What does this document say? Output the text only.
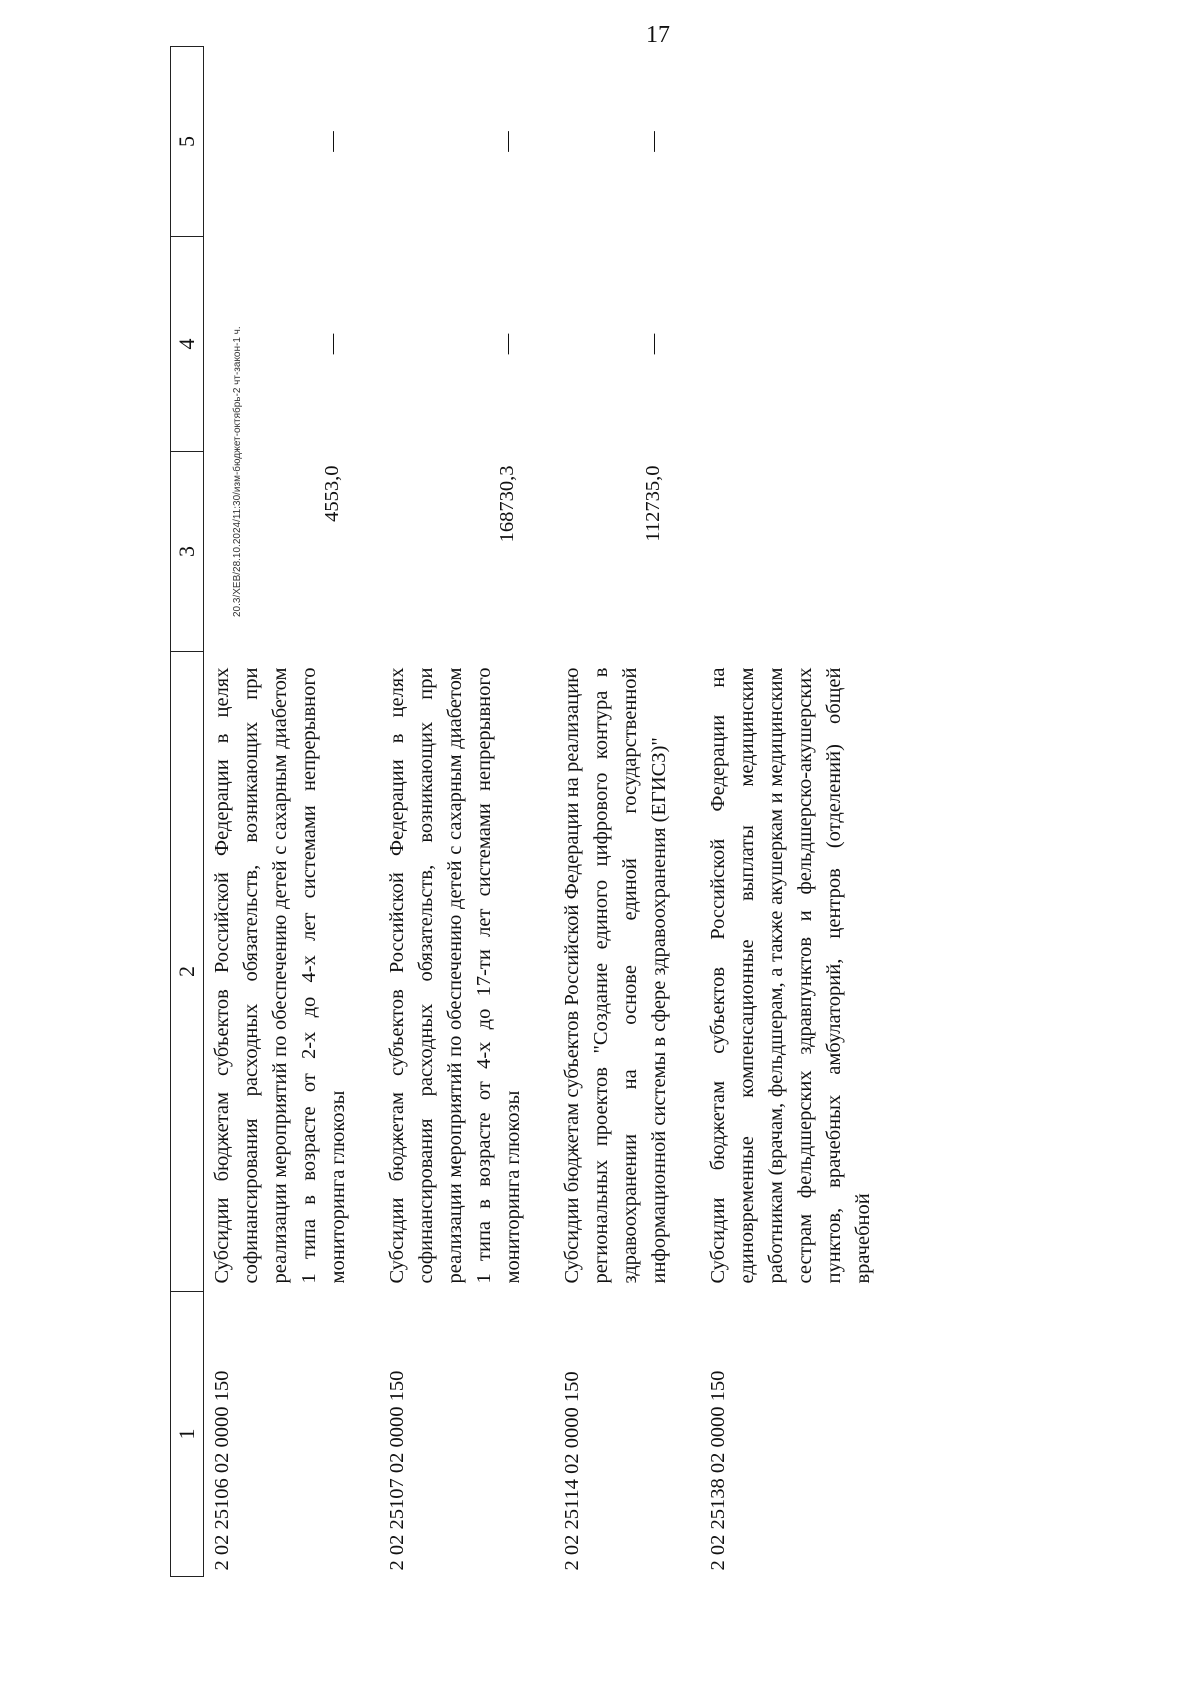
17
1	2	3	4	5
2 02 25106 02 0000 150	Субсидии бюджетам субъектов Российской Федерации в целях софинансирования расходных обязательств, возникающих при реализации мероприятий по обеспечению детей с сахарным диабетом 1 типа в возрасте от 2-х до 4-х лет системами непрерывного мониторинга глюкозы	4553,0	—	—
2 02 25107 02 0000 150	Субсидии бюджетам субъектов Российской Федерации в целях софинансирования расходных обязательств, возникающих при реализации мероприятий по обеспечению детей с сахарным диабетом 1 типа в возрасте от 4-х до 17-ти лет системами непрерывного мониторинга глюкозы	168730,3	—	—
2 02 25114 02 0000 150	Субсидии бюджетам субъектов Российской Федерации на реализацию региональных проектов "Создание единого цифрового контура в здравоохранении на основе единой государственной информационной системы в сфере здравоохранения (ЕГИСЗ)"	112735,0	—	—
2 02 25138 02 0000 150	Субсидии бюджетам субъектов Российской Федерации на единовременные компенсационные выплаты медицинским работникам (врачам, фельдшерам, а также акушеркам и медицинским сестрам фельдшерских здравпунктов и фельдшерско-акушерских пунктов, врачебных амбулаторий, центров (отделений) общей врачебной			
20.3/ХЕВ/28.10.2024/11:30/изм-бюджет-октябрь-2 чт-закон-1 ч.
